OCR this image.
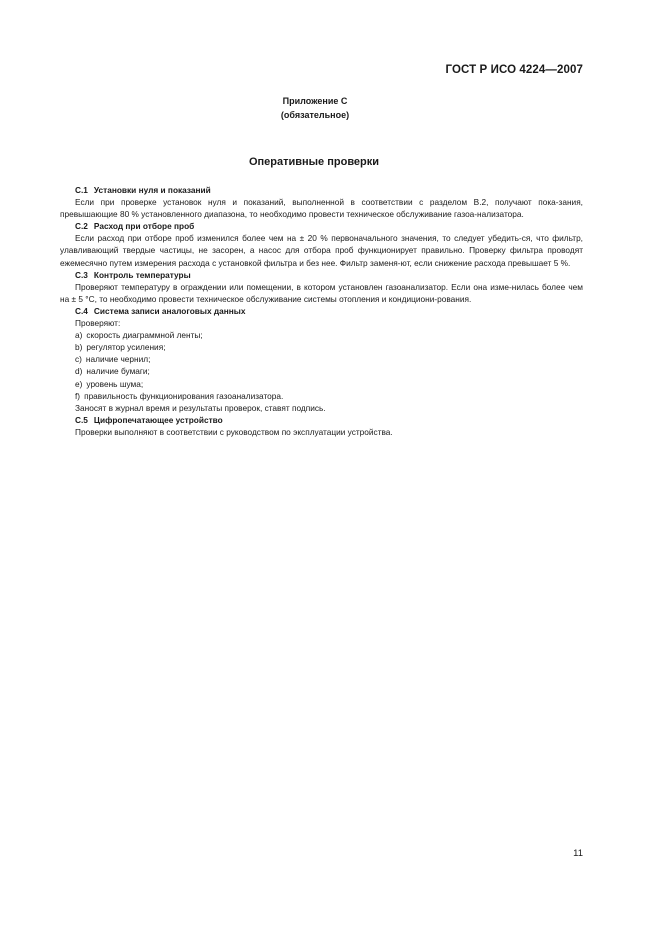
ГОСТ Р ИСО 4224—2007
Приложение С
(обязательное)
Оперативные проверки
С.1 Установки нуля и показаний

Если при проверке установок нуля и показаний, выполненной в соответствии с разделом В.2, получают пока-зания, превышающие 80 % установленного диапазона, то необходимо провести техническое обслуживание газоа-нализатора.

С.2 Расход при отборе проб

Если расход при отборе проб изменился более чем на ± 20 % первоначального значения, то следует убедить-ся, что фильтр, улавливающий твердые частицы, не засорен, а насос для отбора проб функционирует правильно. Проверку фильтра проводят ежемесячно путем измерения расхода с установкой фильтра и без нее. Фильтр заменя-ют, если снижение расхода превышает 5 %.

С.3 Контроль температуры

Проверяют температуру в ограждении или помещении, в котором установлен газоанализатор. Если она изме-нилась более чем на ± 5 °С, то необходимо провести техническое обслуживание системы отопления и кондициони-рования.

С.4 Система записи аналоговых данных

Проверяют:

a) скорость диаграммной ленты;
b) регулятор усиления;
c) наличие чернил;
d) наличие бумаги;
e) уровень шума;
f) правильность функционирования газоанализатора.

Заносят в журнал время и результаты проверок, ставят подпись.

С.5 Цифропечатающее устройство

Проверки выполняют в соответствии с руководством по эксплуатации устройства.

11
